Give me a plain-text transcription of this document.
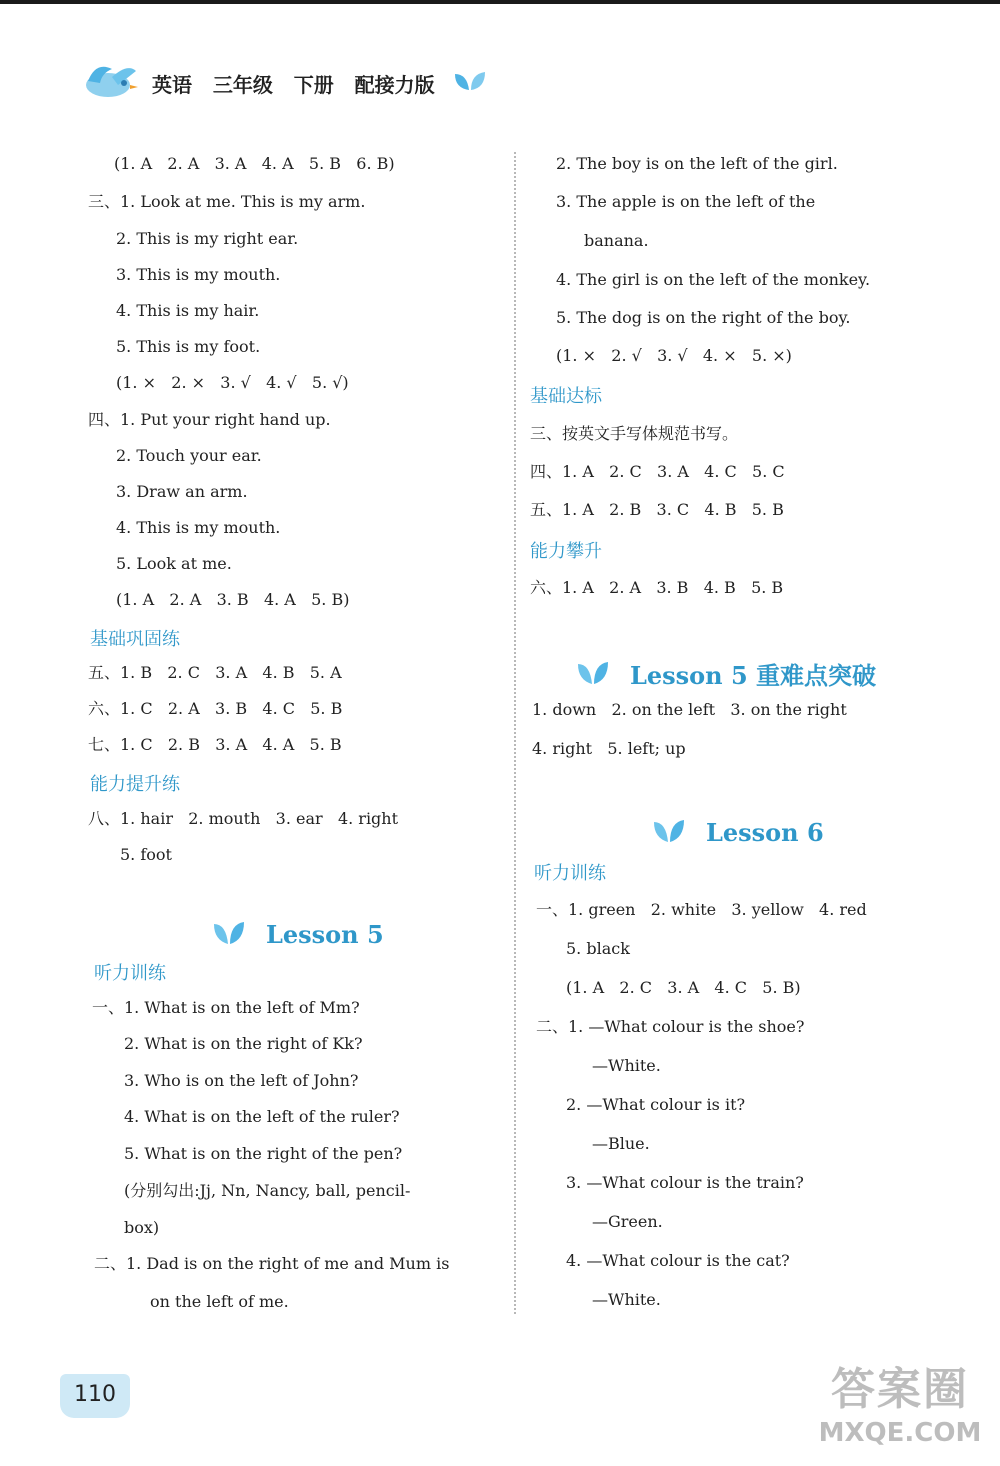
英语   三年级   下册   配接力版
(1. A   2. A   3. A   4. A   5. B   6. B)
三、1. Look at me. This is my arm.
2. This is my right ear.
3. This is my mouth.
4. This is my hair.
5. This is my foot.
(1. ×   2. ×   3. √   4. √   5. √)
四、1. Put your right hand up.
2. Touch your ear.
3. Draw an arm.
4. This is my mouth.
5. Look at me.
(1. A   2. A   3. B   4. A   5. B)
基础巩固练
五、1. B   2. C   3. A   4. B   5. A
六、1. C   2. A   3. B   4. C   5. B
七、1. C   2. B   3. A   4. A   5. B
能力提升练
八、1. hair   2. mouth   3. ear   4. right
5. foot
Lesson 5
听力训练
一、1. What is on the left of Mm?
2. What is on the right of Kk?
3. Who is on the left of John?
4. What is on the left of the ruler?
5. What is on the right of the pen?
(分别勾出:Jj, Nn, Nancy, ball, pencil-
box)
二、1. Dad is on the right of me and Mum is
on the left of me.
2. The boy is on the left of the girl.
3. The apple is on the left of the
banana.
4. The girl is on the left of the monkey.
5. The dog is on the right of the boy.
(1. ×   2. √   3. √   4. ×   5. ×)
基础达标
三、按英文手写体规范书写。
四、1. A   2. C   3. A   4. C   5. C
五、1. A   2. B   3. C   4. B   5. B
能力攀升
六、1. A   2. A   3. B   4. B   5. B
Lesson 5 重难点突破
1. down   2. on the left   3. on the right
4. right   5. left; up
Lesson 6
听力训练
一、1. green   2. white   3. yellow   4. red
5. black
(1. A   2. C   3. A   4. C   5. B)
二、1. —What colour is the shoe?
—White.
2. —What colour is it?
—Blue.
3. —What colour is the train?
—Green.
4. —What colour is the cat?
—White.
110	答案圈
MXQE.COM
